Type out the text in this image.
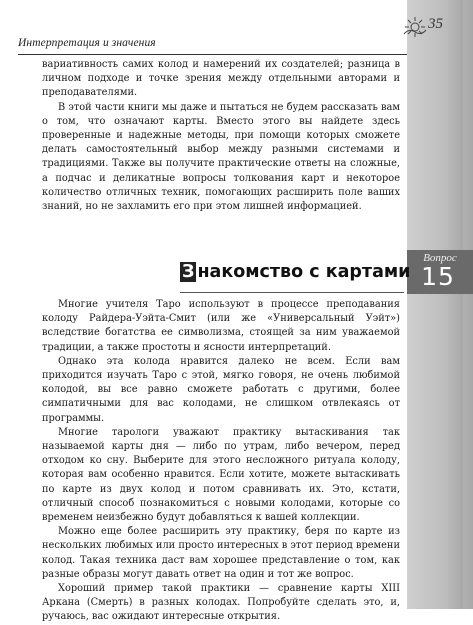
35
Интерпретация и значения

вариативность самих колод и намерений их создателей; разница в личном подходе и точке зрения между отдельными авторами и преподавателями.

В этой части книги мы даже и пытаться не будем рассказать вам о том, что означают карты. Вместо этого вы найдете здесь проверенные и надежные методы, при помощи которых сможете делать самостоятельный выбор между разными системами и традициями. Также вы получите практические ответы на сложные, а подчас и деликатные вопросы толкования карт и некоторое количество отличных техник, помогающих расширить поле ваших знаний, но не захламить его при этом лишней информацией.

Вопрос
15
З накомство с картами

Многие учителя Таро используют в процессе преподавания колоду Райдера-Уэйта-Смит (или же «Универсальный Уэйт») вследствие богатства ее символизма, стоящей за ним уважаемой традиции, а также простоты и ясности интерпретаций.

Однако эта колода нравится далеко не всем. Если вам приходится изучать Таро с этой, мягко говоря, не очень любимой колодой, вы все равно сможете работать с другими, более симпатичными для вас колодами, не слишком отвлекаясь от программы.

Многие тарологи уважают практику вытаскивания так называемой карты дня — либо по утрам, либо вечером, перед отходом ко сну. Выберите для этого несложного ритуала колоду, которая вам особенно нравится. Если хотите, можете вытаскивать по карте из двух колод и потом сравнивать их. Это, кстати, отличный способ познакомиться с новыми колодами, которые со временем неизбежно будут добавляться к вашей коллекции.

Можно еще более расширить эту практику, беря по карте из нескольких любимых или просто интересных в этот период времени колод. Такая техника даст вам хорошее представление о том, как разные образы могут давать ответ на один и тот же вопрос.

Хороший пример такой практики — сравнение карты XIII Аркана (Смерть) в разных колодах. Попробуйте сделать это, и, ручаюсь, вас ожидают интересные открытия.
